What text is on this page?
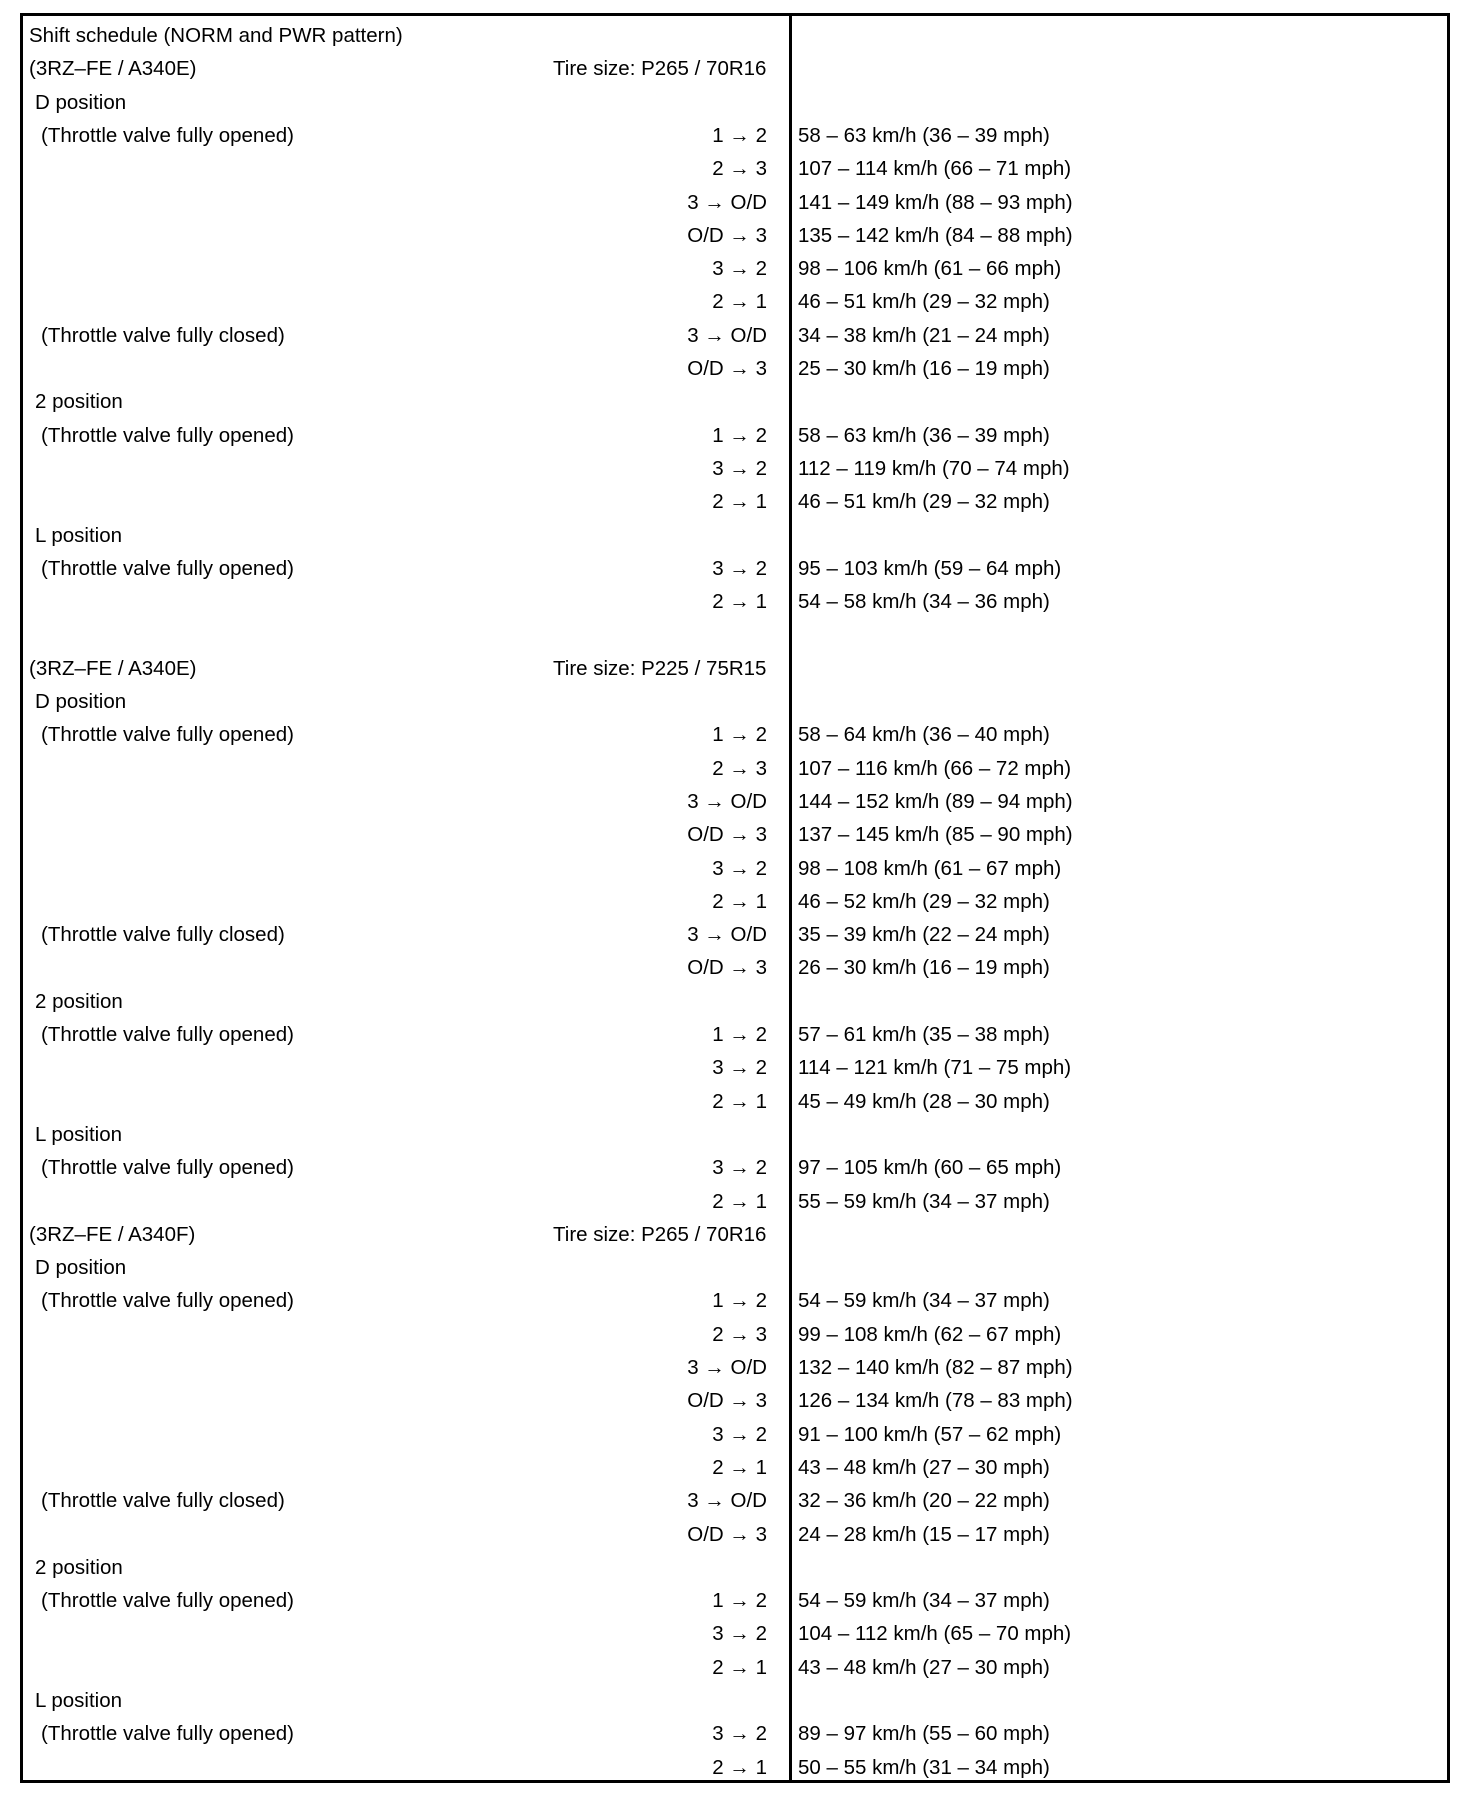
Shift schedule (NORM and PWR pattern)
(3RZ–FE / A340E)	Tire size: P265 / 70R16
D position
(Throttle valve fully opened)	1 → 2 58 – 63 km/h (36 – 39 mph)
2 → 3 107 – 114 km/h (66 – 71 mph)
3 → O/D 141 – 149 km/h (88 – 93 mph)
O/D → 3 135 – 142 km/h (84 – 88 mph)
3 → 2 98 – 106 km/h (61 – 66 mph)
2 → 1 46 – 51 km/h (29 – 32 mph)
(Throttle valve fully closed)	3 → O/D 34 – 38 km/h (21 – 24 mph)
O/D → 3 25 – 30 km/h (16 – 19 mph)
2 position
(Throttle valve fully opened)	1 → 2 58 – 63 km/h (36 – 39 mph)
3 → 2 112 – 119 km/h (70 – 74 mph)
2 → 1 46 – 51 km/h (29 – 32 mph)
L position
(Throttle valve fully opened)	3 → 2 95 – 103 km/h (59 – 64 mph)
2 → 1 54 – 58 km/h (34 – 36 mph)
(3RZ–FE / A340E)	Tire size: P225 / 75R15
D position
(Throttle valve fully opened)	1 → 2 58 – 64 km/h (36 – 40 mph)
2 → 3 107 – 116 km/h (66 – 72 mph)
3 → O/D 144 – 152 km/h (89 – 94 mph)
O/D → 3 137 – 145 km/h (85 – 90 mph)
3 → 2 98 – 108 km/h (61 – 67 mph)
2 → 1 46 – 52 km/h (29 – 32 mph)
(Throttle valve fully closed)	3 → O/D 35 – 39 km/h (22 – 24 mph)
O/D → 3 26 – 30 km/h (16 – 19 mph)
2 position
(Throttle valve fully opened)	1 → 2 57 – 61 km/h (35 – 38 mph)
3 → 2 114 – 121 km/h (71 – 75 mph)
2 → 1 45 – 49 km/h (28 – 30 mph)
L position
(Throttle valve fully opened)	3 → 2 97 – 105 km/h (60 – 65 mph)
2 → 1 55 – 59 km/h (34 – 37 mph)
(3RZ–FE / A340F)	Tire size: P265 / 70R16
D position
(Throttle valve fully opened)	1 → 2 54 – 59 km/h (34 – 37 mph)
2 → 3 99 – 108 km/h (62 – 67 mph)
3 → O/D 132 – 140 km/h (82 – 87 mph)
O/D → 3 126 – 134 km/h (78 – 83 mph)
3 → 2 91 – 100 km/h (57 – 62 mph)
2 → 1 43 – 48 km/h (27 – 30 mph)
(Throttle valve fully closed)	3 → O/D 32 – 36 km/h (20 – 22 mph)
O/D → 3 24 – 28 km/h (15 – 17 mph)
2 position
(Throttle valve fully opened)	1 → 2 54 – 59 km/h (34 – 37 mph)
3 → 2 104 – 112 km/h (65 – 70 mph)
2 → 1 43 – 48 km/h (27 – 30 mph)
L position
(Throttle valve fully opened)	3 → 2 89 – 97 km/h (55 – 60 mph)
2 → 1 50 – 55 km/h (31 – 34 mph)
